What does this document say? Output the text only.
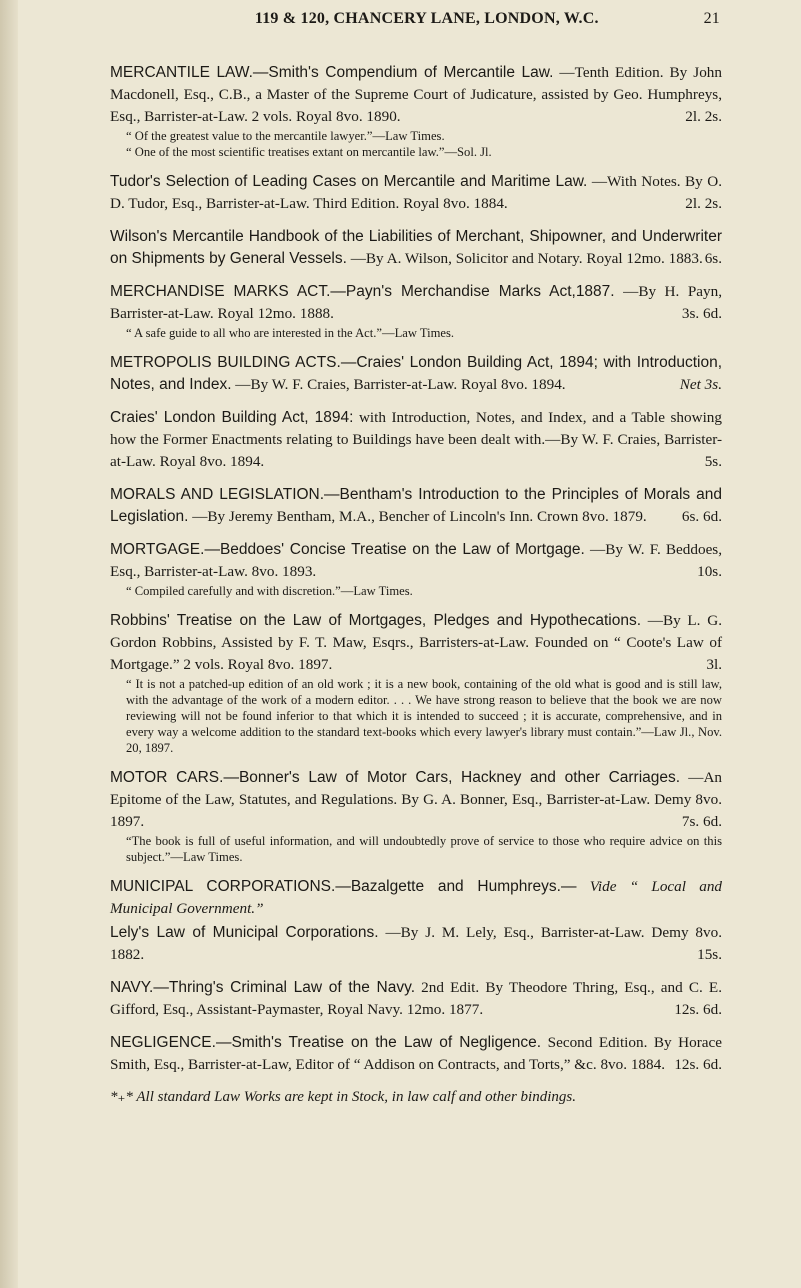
119 & 120, CHANCERY LANE, LONDON, W.C.	21
MERCANTILE LAW.—Smith's Compendium of Mercantile Law. —Tenth Edition. By John Macdonell, Esq., C.B., a Master of the Supreme Court of Judicature, assisted by Geo. Humphreys, Esq., Barrister-at-Law. 2 vols. Royal 8vo. 1890.	2l. 2s.
“ Of the greatest value to the mercantile lawyer.”—Law Times.
“ One of the most scientific treatises extant on mercantile law.”—Sol. Jl.
Tudor's Selection of Leading Cases on Mercantile and Maritime Law. —With Notes. By O. D. Tudor, Esq., Barrister-at-Law. Third Edition. Royal 8vo. 1884.	2l. 2s.
Wilson's Mercantile Handbook of the Liabilities of Merchant, Shipowner, and Underwriter on Shipments by General Vessels. —By A. Wilson, Solicitor and Notary. Royal 12mo. 1883. 6s.
MERCHANDISE MARKS ACT.—Payn's Merchandise Marks Act,1887. —By H. Payn, Barrister-at-Law. Royal 12mo. 1888.	3s. 6d.
“ A safe guide to all who are interested in the Act.”—Law Times.
METROPOLIS BUILDING ACTS.—Craies' London Building Act, 1894; with Introduction, Notes, and Index. —By W. F. Craies, Barrister-at-Law. Royal 8vo. 1894.	Net 3s.
Craies' London Building Act, 1894: with Introduction, Notes, and Index, and a Table showing how the Former Enactments relating to Buildings have been dealt with.—By W. F. Craies, Barrister-at-Law. Royal 8vo. 1894.	5s.
MORALS AND LEGISLATION.—Bentham's Introduction to the Principles of Morals and Legislation. —By Jeremy Bentham, M.A., Bencher of Lincoln's Inn. Crown 8vo. 1879. 6s. 6d.
MORTGAGE.—Beddoes' Concise Treatise on the Law of Mortgage. —By W. F. Beddoes, Esq., Barrister-at-Law. 8vo. 1893.	10s.
“ Compiled carefully and with discretion.”—Law Times.
Robbins' Treatise on the Law of Mortgages, Pledges and Hypothecations. —By L. G. Gordon Robbins, Assisted by F. T. Maw, Esqrs., Barristers-at-Law. Founded on “ Coote's Law of Mortgage.” 2 vols. Royal 8vo. 1897.	3l.
“ It is not a patched-up edition of an old work ; it is a new book, containing of the old what is good and is still law, with the advantage of the work of a modern editor. . . . We have strong reason to believe that the book we are now reviewing will not be found inferior to that which it is intended to succeed ; it is accurate, comprehensive, and in every way a welcome addition to the standard text-books which every lawyer's library must contain.”—Law Jl., Nov. 20, 1897.
MOTOR CARS.—Bonner's Law of Motor Cars, Hackney and other Carriages. —An Epitome of the Law, Statutes, and Regulations. By G. A. Bonner, Esq., Barrister-at-Law. Demy 8vo. 1897.	7s. 6d.
“The book is full of useful information, and will undoubtedly prove of service to those who require advice on this subject.”—Law Times.
MUNICIPAL CORPORATIONS.—Bazalgette and Humphreys.— Vide “ Local and Municipal Government.”
Lely's Law of Municipal Corporations. —By J. M. Lely, Esq., Barrister-at-Law. Demy 8vo. 1882.	15s.
NAVY.—Thring's Criminal Law of the Navy. 2nd Edit. By Theodore Thring, Esq., and C. E. Gifford, Esq., Assistant-Paymaster, Royal Navy. 12mo. 1877.	12s. 6d.
NEGLIGENCE.—Smith's Treatise on the Law of Negligence. Second Edition. By Horace Smith, Esq., Barrister-at-Law, Editor of “ Addison on Contracts, and Torts,” &c. 8vo. 1884. 12s. 6d.
*₊* All standard Law Works are kept in Stock, in law calf and other bindings.
